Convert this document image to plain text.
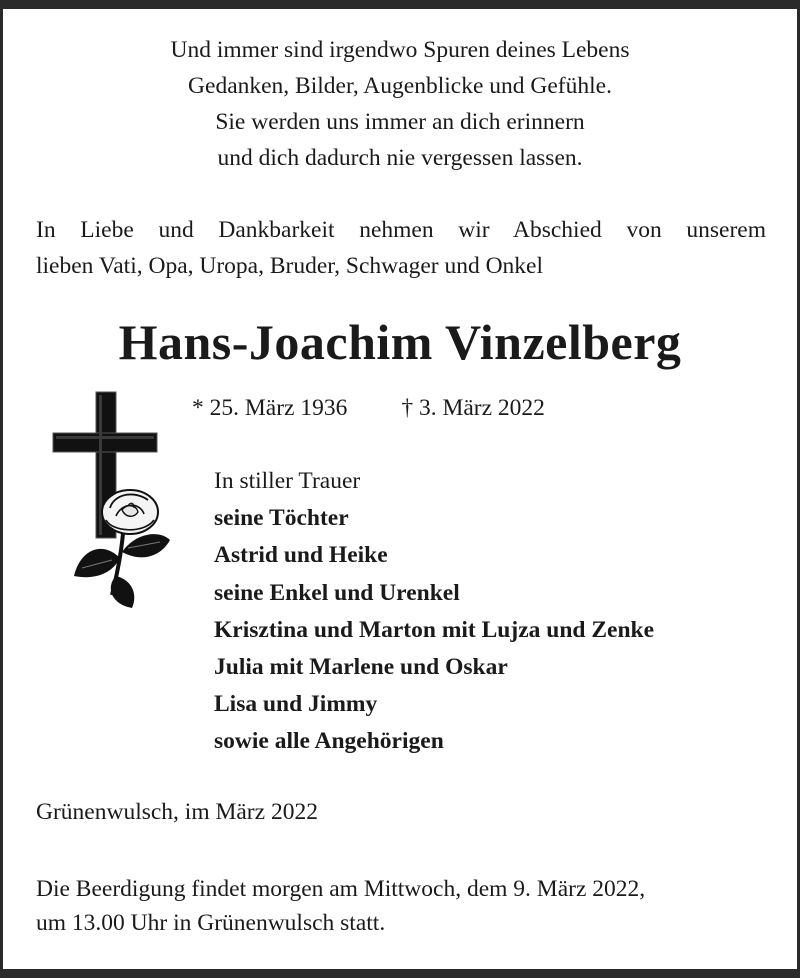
Und immer sind irgendwo Spuren deines Lebens
Gedanken, Bilder, Augenblicke und Gefühle.
Sie werden uns immer an dich erinnern
und dich dadurch nie vergessen lassen.
In Liebe und Dankbarkeit nehmen wir Abschied von unserem
lieben Vati, Opa, Uropa, Bruder, Schwager und Onkel
Hans-Joachim Vinzelberg
* 25. März 1936 † 3. März 2022
In stiller Trauer
seine Töchter
Astrid und Heike
seine Enkel und Urenkel
Krisztina und Marton mit Lujza und Zenke
Julia mit Marlene und Oskar
Lisa und Jimmy
sowie alle Angehörigen
Grünenwulsch, im März 2022
Die Beerdigung findet morgen am Mittwoch, dem 9. März 2022,
um 13.00 Uhr in Grünenwulsch statt.
